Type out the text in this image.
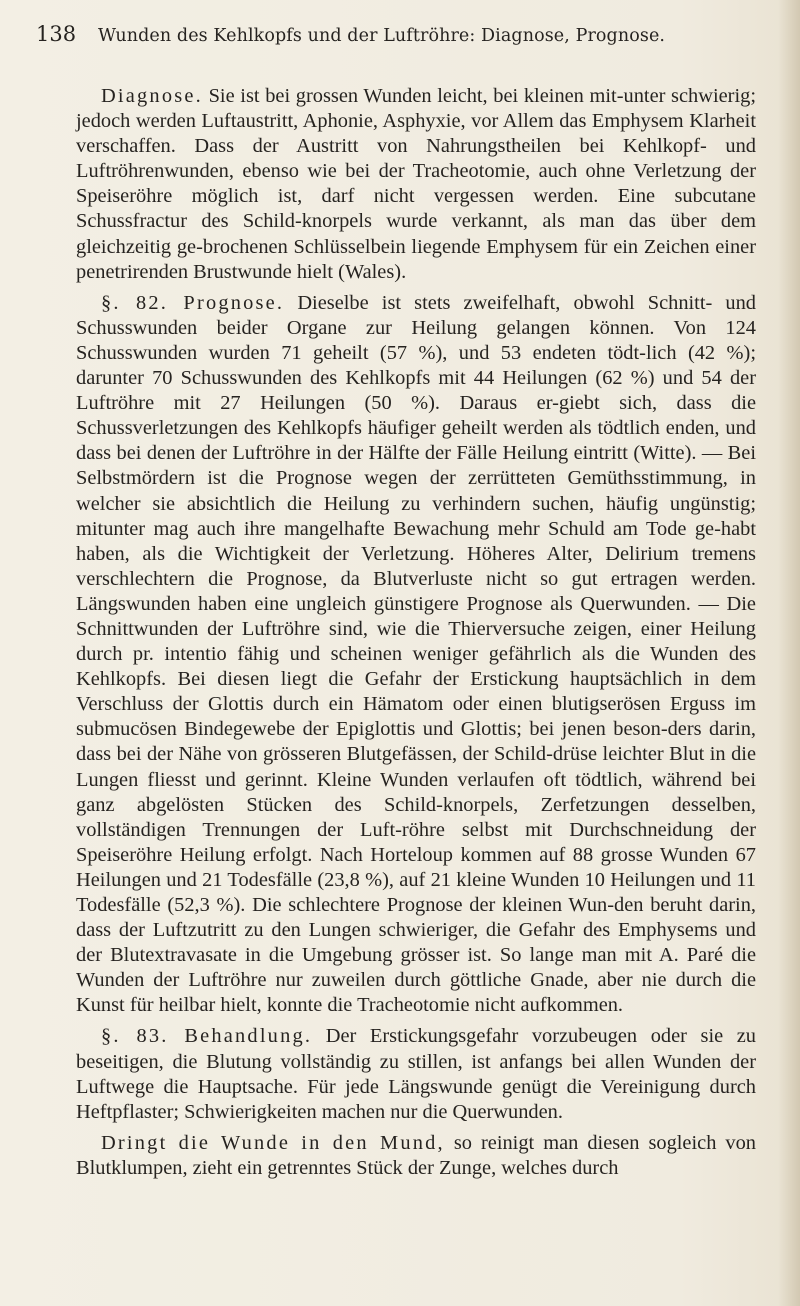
138	Wunden des Kehlkopfs und der Luftröhre: Diagnose, Prognose.

Diagnose. Sie ist bei grossen Wunden leicht, bei kleinen mit-unter schwierig; jedoch werden Luftaustritt, Aphonie, Asphyxie, vor Allem das Emphysem Klarheit verschaffen. Dass der Austritt von Nahrungstheilen bei Kehlkopf- und Luftröhrenwunden, ebenso wie bei der Tracheotomie, auch ohne Verletzung der Speiseröhre möglich ist, darf nicht vergessen werden. Eine subcutane Schussfractur des Schild-knorpels wurde verkannt, als man das über dem gleichzeitig ge-brochenen Schlüsselbein liegende Emphysem für ein Zeichen einer penetrirenden Brustwunde hielt (Wales).

§. 82. Prognose. Dieselbe ist stets zweifelhaft, obwohl Schnitt- und Schusswunden beider Organe zur Heilung gelangen können. Von 124 Schusswunden wurden 71 geheilt (57 %), und 53 endeten tödt-lich (42 %); darunter 70 Schusswunden des Kehlkopfs mit 44 Heilungen (62 %) und 54 der Luftröhre mit 27 Heilungen (50 %). Daraus er-giebt sich, dass die Schussverletzungen des Kehlkopfs häufiger geheilt werden als tödtlich enden, und dass bei denen der Luftröhre in der Hälfte der Fälle Heilung eintritt (Witte). — Bei Selbstmördern ist die Prognose wegen der zerrütteten Gemüthsstimmung, in welcher sie absichtlich die Heilung zu verhindern suchen, häufig ungünstig; mitunter mag auch ihre mangelhafte Bewachung mehr Schuld am Tode ge-habt haben, als die Wichtigkeit der Verletzung. Höheres Alter, Delirium tremens verschlechtern die Prognose, da Blutverluste nicht so gut ertragen werden. Längswunden haben eine ungleich günstigere Prognose als Querwunden. — Die Schnittwunden der Luftröhre sind, wie die Thierversuche zeigen, einer Heilung durch pr. intentio fähig und scheinen weniger gefährlich als die Wunden des Kehlkopfs. Bei diesen liegt die Gefahr der Erstickung hauptsächlich in dem Verschluss der Glottis durch ein Hämatom oder einen blutigserösen Erguss im submucösen Bindegewebe der Epiglottis und Glottis; bei jenen beson-ders darin, dass bei der Nähe von grösseren Blutgefässen, der Schild-drüse leichter Blut in die Lungen fliesst und gerinnt. Kleine Wunden verlaufen oft tödtlich, während bei ganz abgelösten Stücken des Schild-knorpels, Zerfetzungen desselben, vollständigen Trennungen der Luft-röhre selbst mit Durchschneidung der Speiseröhre Heilung erfolgt. Nach Horteloup kommen auf 88 grosse Wunden 67 Heilungen und 21 Todesfälle (23,8 %), auf 21 kleine Wunden 10 Heilungen und 11 Todesfälle (52,3 %). Die schlechtere Prognose der kleinen Wun-den beruht darin, dass der Luftzutritt zu den Lungen schwieriger, die Gefahr des Emphysems und der Blutextravasate in die Umgebung grösser ist. So lange man mit A. Paré die Wunden der Luftröhre nur zuweilen durch göttliche Gnade, aber nie durch die Kunst für heilbar hielt, konnte die Tracheotomie nicht aufkommen.

§. 83. Behandlung. Der Erstickungsgefahr vorzubeugen oder sie zu beseitigen, die Blutung vollständig zu stillen, ist anfangs bei allen Wunden der Luftwege die Hauptsache. Für jede Längswunde genügt die Vereinigung durch Heftpflaster; Schwierigkeiten machen nur die Querwunden.

Dringt die Wunde in den Mund, so reinigt man diesen sogleich von Blutklumpen, zieht ein getrenntes Stück der Zunge, welches durch
